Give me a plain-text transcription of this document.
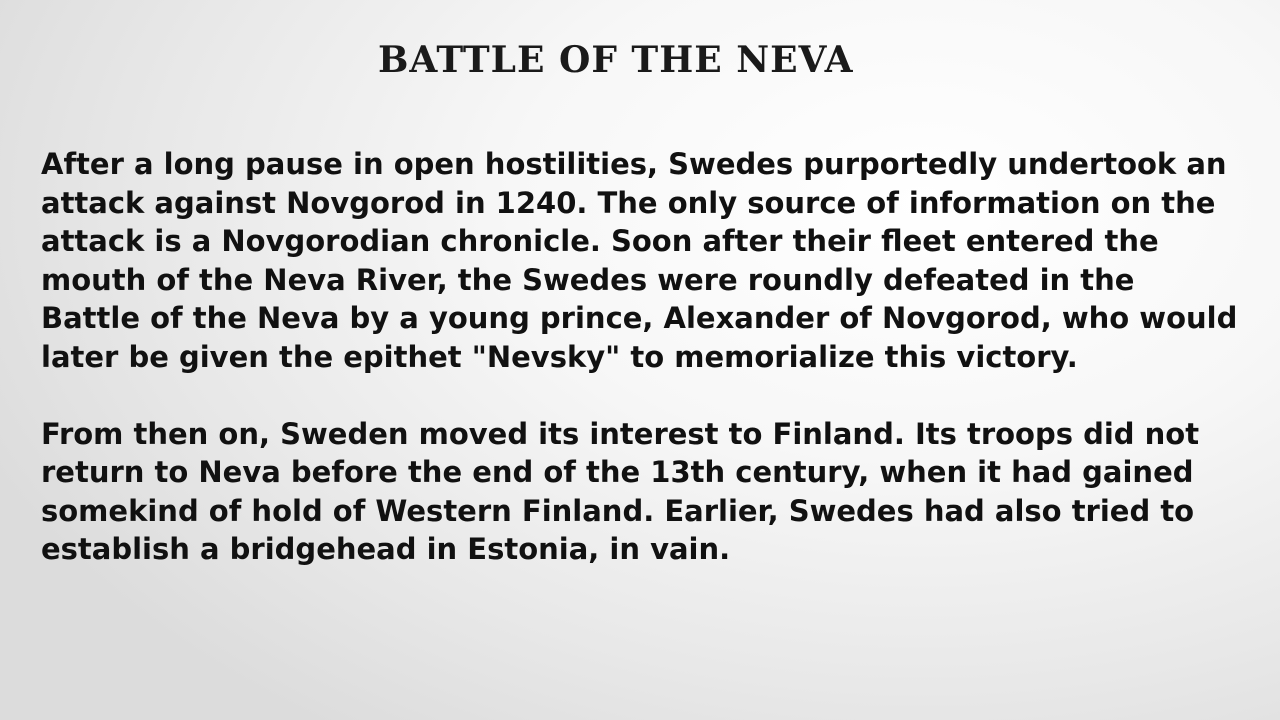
BATTLE OF THE NEVA

After a long pause in open hostilities, Swedes purportedly undertook an attack against Novgorod in 1240. The only source of information on the attack is a Novgorodian chronicle. Soon after their fleet entered the mouth of the Neva River, the Swedes were roundly defeated in the Battle of the Neva by a young prince, Alexander of Novgorod, who would later be given the epithet "Nevsky" to memorialize this victory.

From then on, Sweden moved its interest to Finland. Its troops did not return to Neva before the end of the 13th century, when it had gained somekind of hold of Western Finland. Earlier, Swedes had also tried to establish a bridgehead in Estonia, in vain.
